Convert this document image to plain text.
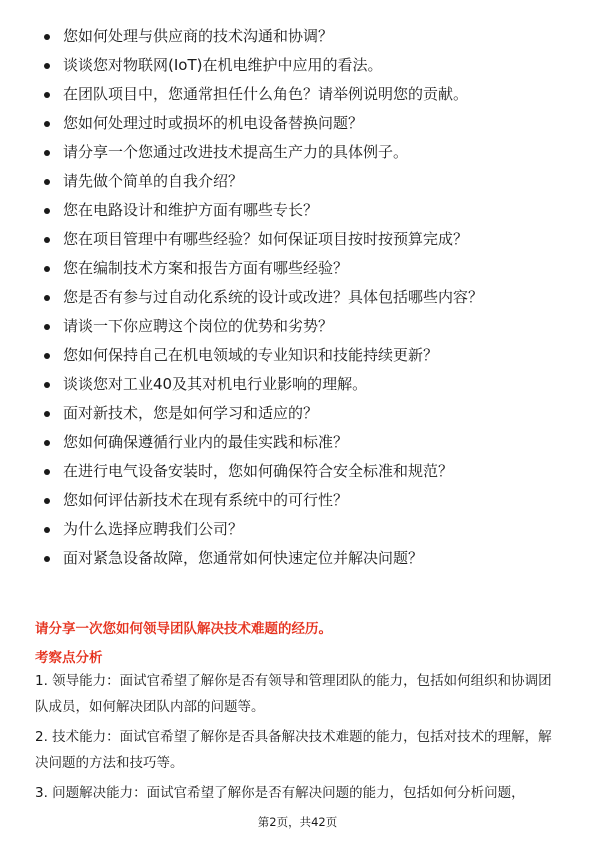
您如何处理与供应商的技术沟通和协调？
谈谈您对物联网(IoT)在机电维护中应用的看法。
在团队项目中，您通常担任什么角色？请举例说明您的贡献。
您如何处理过时或损坏的机电设备替换问题？
请分享一个您通过改进技术提高生产力的具体例子。
请先做个简单的自我介绍？
您在电路设计和维护方面有哪些专长？
您在项目管理中有哪些经验？如何保证项目按时按预算完成？
您在编制技术方案和报告方面有哪些经验？
您是否有参与过自动化系统的设计或改进？具体包括哪些内容？
请谈一下你应聘这个岗位的优势和劣势？
您如何保持自己在机电领域的专业知识和技能持续更新？
谈谈您对工业40及其对机电行业影响的理解。
面对新技术，您是如何学习和适应的？
您如何确保遵循行业内的最佳实践和标准？
在进行电气设备安装时，您如何确保符合安全标准和规范？
您如何评估新技术在现有系统中的可行性？
为什么选择应聘我们公司？
面对紧急设备故障，您通常如何快速定位并解决问题？
请分享一次您如何领导团队解决技术难题的经历。
考察点分析

1. 领导能力：面试官希望了解你是否有领导和管理团队的能力，包括如何组织和协调团队成员，如何解决团队内部的问题等。

2. 技术能力：面试官希望了解你是否具备解决技术难题的能力，包括对技术的理解，解决问题的方法和技巧等。

3. 问题解决能力：面试官希望了解你是否有解决问题的能力，包括如何分析问题，

第2页，共42页
